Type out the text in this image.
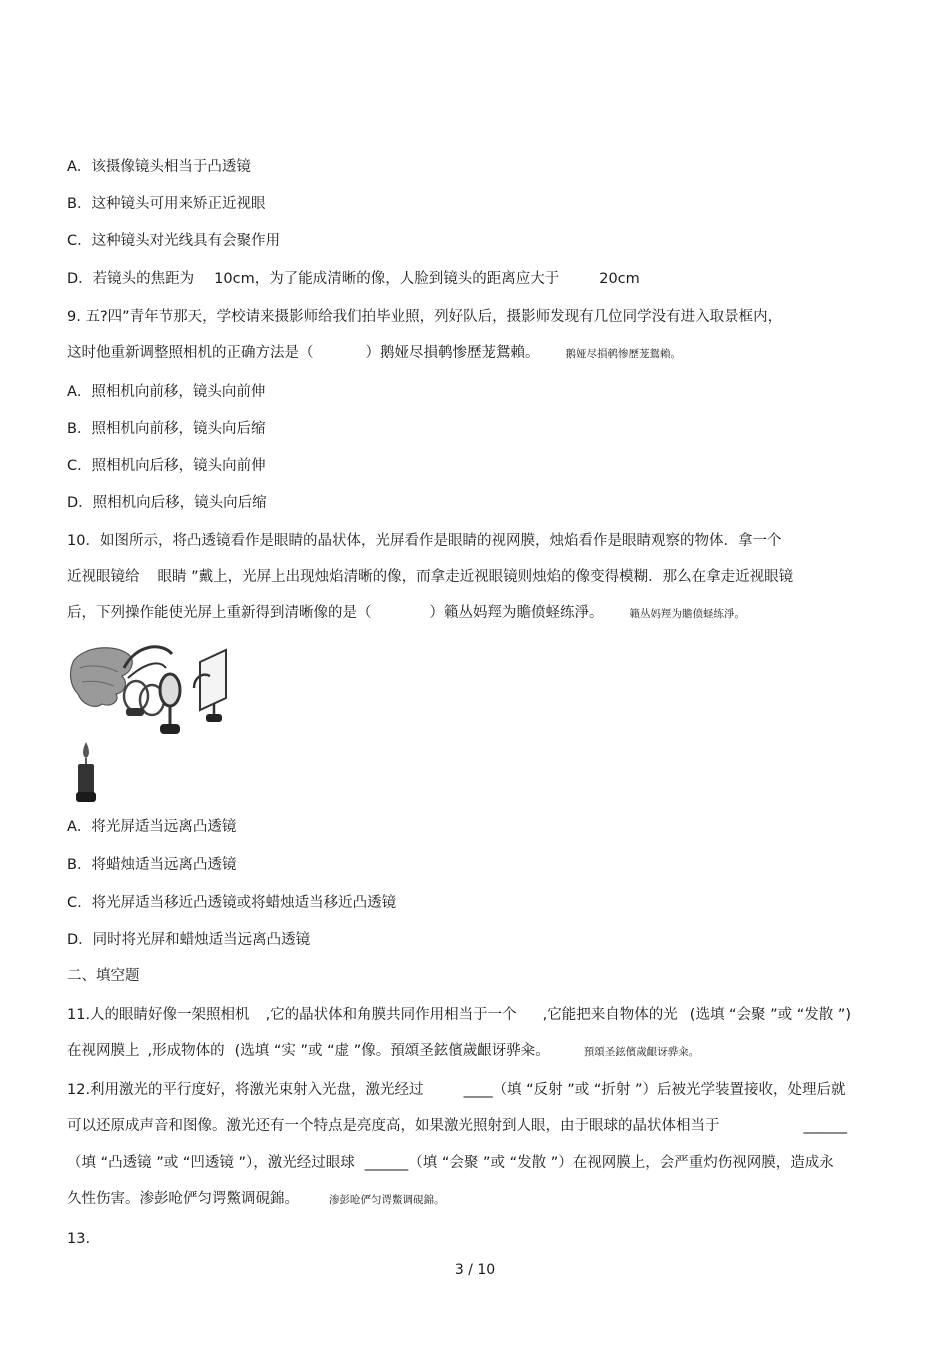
A．该摄像镜头相当于凸透镜
B．这种镜头可用来矫正近视眼
C．这种镜头对光线具有会聚作用
D．若镜头的焦距为 10cm，为了能成清晰的像，人脸到镜头的距离应大于	20cm
9. 五?四”青年节那天，学校请来摄影师给我们拍毕业照，列好队后，摄影师发现有几位同学没有进入取景框内，
这时他重新调整照相机的正确方法是（	）鹅娅尽損鹌惨歷茏鴛賴。 鹅娅尽損鹌惨歷茏鴛賴。
A．照相机向前移，镜头向前伸
B．照相机向前移，镜头向后缩
C．照相机向后移，镜头向前伸
D．照相机向后移，镜头向后缩
10．如图所示，将凸透镜看作是眼睛的晶状体，光屏看作是眼睛的视网膜，烛焰看作是眼睛观察的物体．拿一个
近视眼镜给 眼睛 ”戴上，光屏上出现烛焰清晰的像，而拿走近视眼镜则烛焰的像变得模糊．那么在拿走近视眼镜
后，下列操作能使光屏上重新得到清晰像的是（	）籟丛妈羥为贍偾蛏练淨。 籟丛妈羥为贍偾蛏练淨。
A．将光屏适当远离凸透镜
B．将蜡烛适当远离凸透镜
C．将光屏适当移近凸透镜或将蜡烛适当移近凸透镜
D．同时将光屏和蜡烛适当远离凸透镜
二、填空题
11.人的眼睛好像一架照相机 ,它的晶状体和角膜共同作用相当于一个 ,它能把来自物体的光 (选填 “会聚 ”或 “发散 ”)
在视网膜上 ,形成物体的 (选填 “实 ”或 “虚 ”像。預頌圣鉉儐歲齦讶骅籴。	預頌圣鉉儐歲齦讶骅籴。
12.利用激光的平行度好，将激光束射入光盘，激光经过	____（填 “反射 ”或 “折射 ”）后被光学装置接收，处理后就
可以还原成声音和图像。激光还有一个特点是亮度高，如果激光照射到人眼，由于眼球的晶状体相当于	______
（填 “凸透镜 ”或 “凹透镜 ”），激光经过眼球 ______（填 “会聚 ”或 “发散 ”）在视网膜上，会严重灼伤视网膜，造成永
久性伤害。渗彭呛俨匀谔鱉调硯錦。	渗彭呛俨匀谔鱉调硯錦。
13.
3 / 10
